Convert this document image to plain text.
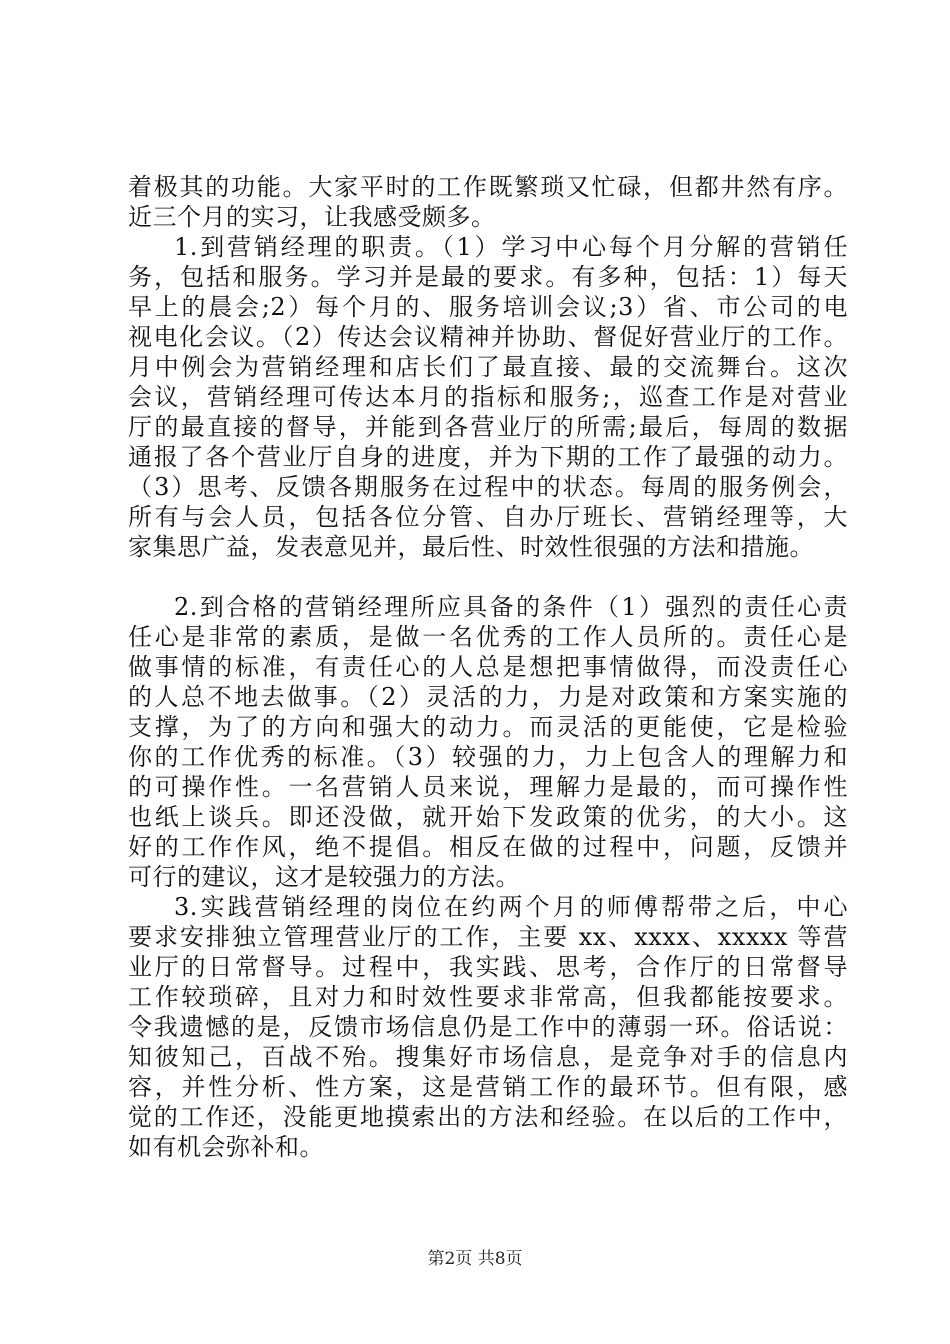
着极其的功能。大家平时的工作既繁琐又忙碌，但都井然有序。
近三个月的实习，让我感受颇多。
1.到营销经理的职责。（1）学习中心每个月分解的营销任
务，包括和服务。学习并是最的要求。有多种，包括：1）每天
早上的晨会;2）每个月的、服务培训会议;3）省、市公司的电
视电化会议。（2）传达会议精神并协助、督促好营业厅的工作。
月中例会为营销经理和店长们了最直接、最的交流舞台。这次
会议，营销经理可传达本月的指标和服务;，巡查工作是对营业
厅的最直接的督导，并能到各营业厅的所需;最后，每周的数据
通报了各个营业厅自身的进度，并为下期的工作了最强的动力。
（3）思考、反馈各期服务在过程中的状态。每周的服务例会，
所有与会人员，包括各位分管、自办厅班长、营销经理等，大
家集思广益，发表意见并，最后性、时效性很强的方法和措施。
2.到合格的营销经理所应具备的条件（1）强烈的责任心责
任心是非常的素质，是做一名优秀的工作人员所的。责任心是
做事情的标准，有责任心的人总是想把事情做得，而没责任心
的人总不地去做事。（2）灵活的力，力是对政策和方案实施的
支撑，为了的方向和强大的动力。而灵活的更能使，它是检验
你的工作优秀的标准。（3）较强的力，力上包含人的理解力和
的可操作性。一名营销人员来说，理解力是最的，而可操作性
也纸上谈兵。即还没做，就开始下发政策的优劣，的大小。这
好的工作作风，绝不提倡。相反在做的过程中，问题，反馈并
可行的建议，这才是较强力的方法。
3.实践营销经理的岗位在约两个月的师傅帮带之后，中心
要求安排独立管理营业厅的工作，主要 xx、xxxx、xxxxx 等营
业厅的日常督导。过程中，我实践、思考，合作厅的日常督导
工作较琐碎，且对力和时效性要求非常高，但我都能按要求。
令我遗憾的是，反馈市场信息仍是工作中的薄弱一环。俗话说：
知彼知己，百战不殆。搜集好市场信息，是竞争对手的信息内
容，并性分析、性方案，这是营销工作的最环节。但有限，感
觉的工作还，没能更地摸索出的方法和经验。在以后的工作中，
如有机会弥补和。
第2页 共8页
